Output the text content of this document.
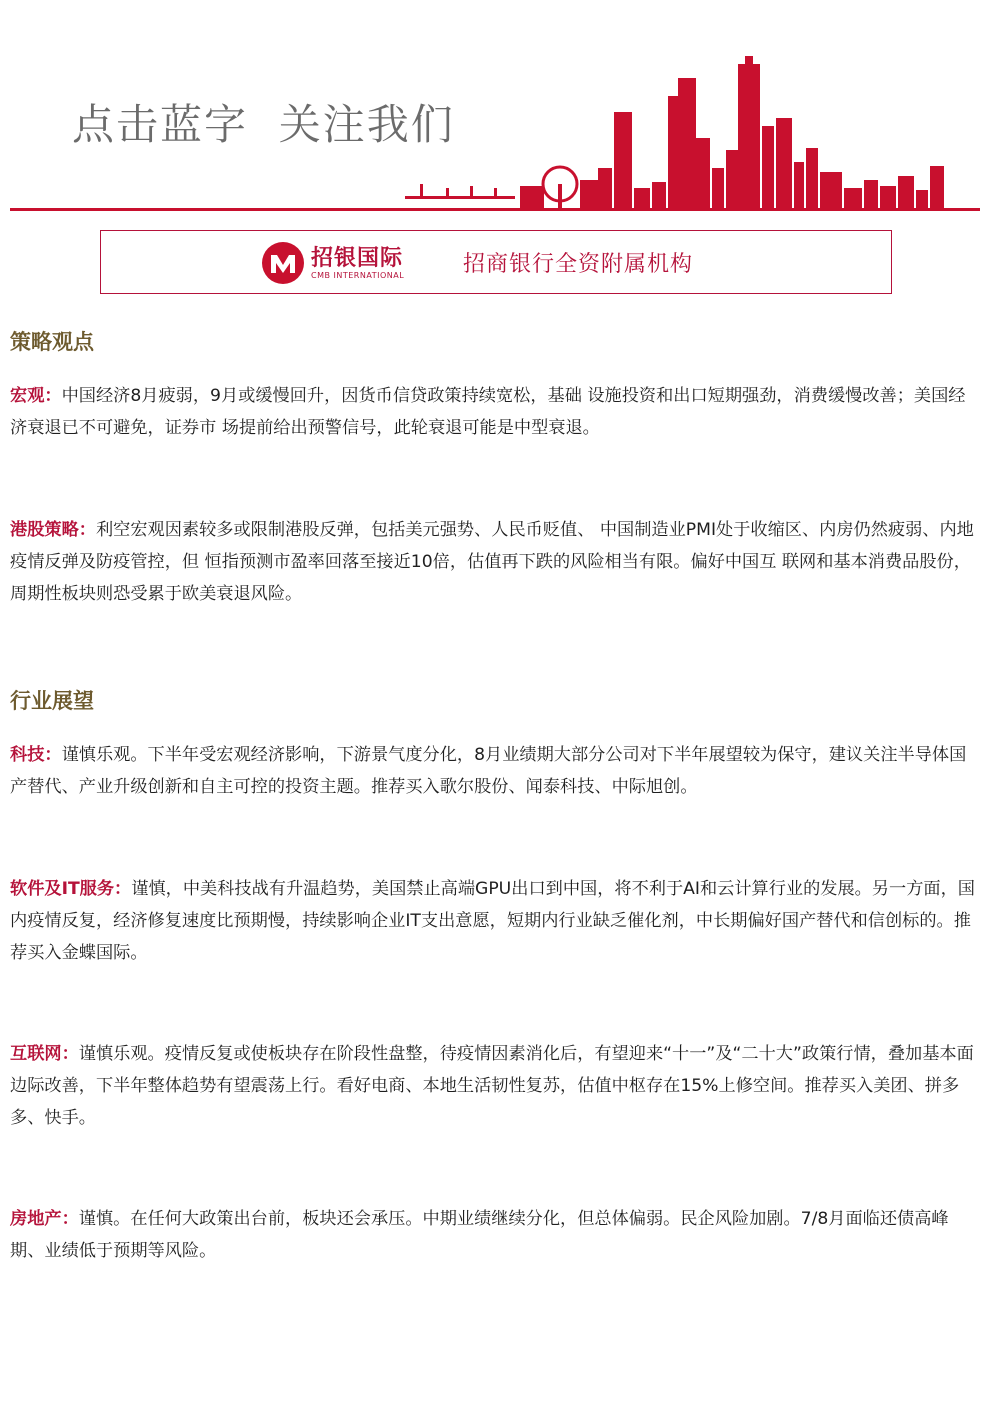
点击蓝字  关注我们
招银国际
CMB INTERNATIONAL	招商银行全资附属机构
策略观点
宏观：中国经济8月疲弱，9月或缓慢回升，因货币信贷政策持续宽松，基础 设施投资和出口短期强劲，消费缓慢改善；美国经济衰退已不可避免，证券市 场提前给出预警信号，此轮衰退可能是中型衰退。
港股策略：利空宏观因素较多或限制港股反弹，包括美元强势、人民币贬值、 中国制造业PMI处于收缩区、内房仍然疲弱、内地疫情反弹及防疫管控，但 恒指预测市盈率回落至接近10倍，估值再下跌的风险相当有限。偏好中国互 联网和基本消费品股份，周期性板块则恐受累于欧美衰退风险。
行业展望
科技：谨慎乐观。下半年受宏观经济影响，下游景气度分化，8月业绩期大部分公司对下半年展望较为保守，建议关注半导体国产替代、产业升级创新和自主可控的投资主题。推荐买入歌尔股份、闻泰科技、中际旭创。
软件及IT服务：谨慎，中美科技战有升温趋势，美国禁止高端GPU出口到中国，将不利于AI和云计算行业的发展。另一方面，国内疫情反复，经济修复速度比预期慢，持续影响企业IT支出意愿，短期内行业缺乏催化剂，中长期偏好国产替代和信创标的。推荐买入金蝶国际。
互联网：谨慎乐观。疫情反复或使板块存在阶段性盘整，待疫情因素消化后，有望迎来“十一”及“二十大”政策行情，叠加基本面边际改善，下半年整体趋势有望震荡上行。看好电商、本地生活韧性复苏，估值中枢存在15%上修空间。推荐买入美团、拼多多、快手。
房地产：谨慎。在任何大政策出台前，板块还会承压。中期业绩继续分化，但总体偏弱。民企风险加剧。7/8月面临还债高峰期、业绩低于预期等风险。
